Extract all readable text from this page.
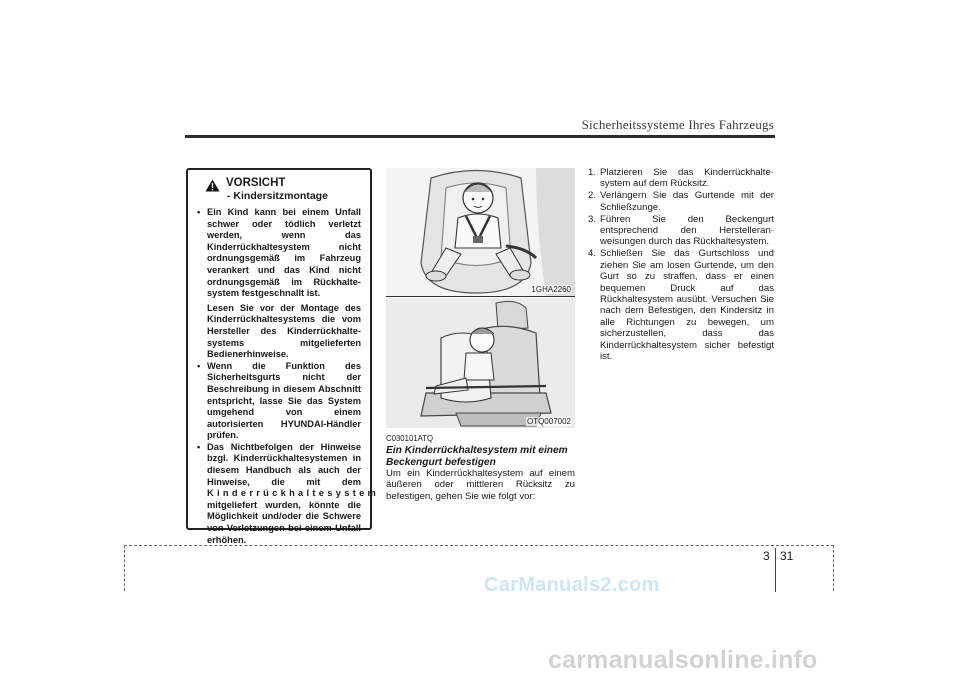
Sicherheitssysteme Ihres Fahrzeugs
VORSICHT
- Kindersitzmontage
• Ein Kind kann bei einem Unfall schwer oder tödlich verletzt werden, wenn das Kinderrückhaltesystem nicht ordnungsgemäß im Fahrzeug verankert und das Kind nicht ordnungsgemäß im Rückhalte-system festgeschnallt ist.

Lesen Sie vor der Montage des Kinderrückhaltesystems die vom Hersteller des Kinderrückhalte-systems mitgelieferten Bedienerhinweise.

• Wenn die Funktion des Sicherheitsgurts nicht der Beschreibung in diesem Abschnitt entspricht, lasse Sie das System umgehend von einem autorisierten HYUNDAI-Händler prüfen.
• Das Nichtbefolgen der Hinweise bzgl. Kinderrückhaltesystemen in diesem Handbuch als auch der Hinweise, die mit dem Kinderrückhaltesystem mitgeliefert wurden, könnte die Möglichkeit und/oder die Schwere von Verletzungen bei einem Unfall erhöhen.
1GHA2260
OTQ007002
C030101ATQ
Ein Kinderrückhaltesystem mit einem Beckengurt befestigen
Um ein Kinderrückhaltesystem auf einem äußeren oder mittleren Rücksitz zu befestigen, gehen Sie wie folgt vor:
1. Platzieren Sie das Kinderrückhalte- system auf dem Rücksitz.
2. Verlängern Sie das Gurtende mit der Schließzunge.
3. Führen Sie den Beckengurt entsprechend den Herstelleran- weisungen durch das Rückhaltesystem.
4. Schließen Sie das Gurtschloss und ziehen Sie am losen Gurtende, um den Gurt so zu straffen, dass er einen bequemen Druck auf das Rückhaltesystem ausübt. Versuchen Sie nach dem Befestigen, den Kindersitz in alle Richtungen zu bewegen, um sicherzustellen, dass das Kinderrückhaltesystem sicher befestigt ist.
3 31
CarManuals2.com
carmanualsonline.info
